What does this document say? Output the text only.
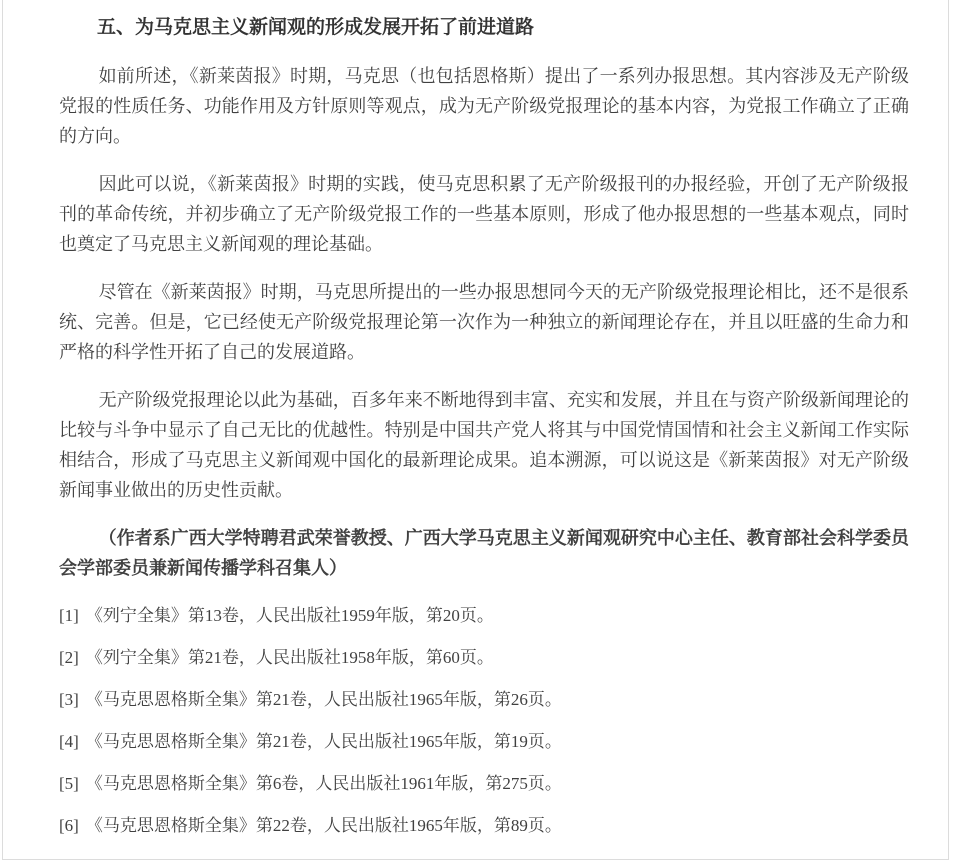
五、为马克思主义新闻观的形成发展开拓了前进道路

如前所述，《新莱茵报》时期，马克思（也包括恩格斯）提出了一系列办报思想。其内容涉及无产阶级党报的性质任务、功能作用及方针原则等观点，成为无产阶级党报理论的基本内容，为党报工作确立了正确的方向。

因此可以说，《新莱茵报》时期的实践，使马克思积累了无产阶级报刊的办报经验，开创了无产阶级报刊的革命传统，并初步确立了无产阶级党报工作的一些基本原则，形成了他办报思想的一些基本观点，同时也奠定了马克思主义新闻观的理论基础。

尽管在《新莱茵报》时期，马克思所提出的一些办报思想同今天的无产阶级党报理论相比，还不是很系统、完善。但是，它已经使无产阶级党报理论第一次作为一种独立的新闻理论存在，并且以旺盛的生命力和严格的科学性开拓了自己的发展道路。

无产阶级党报理论以此为基础，百多年来不断地得到丰富、充实和发展，并且在与资产阶级新闻理论的比较与斗争中显示了自己无比的优越性。特别是中国共产党人将其与中国党情国情和社会主义新闻工作实际相结合，形成了马克思主义新闻观中国化的最新理论成果。追本溯源，可以说这是《新莱茵报》对无产阶级新闻事业做出的历史性贡献。

（作者系广西大学特聘君武荣誉教授、广西大学马克思主义新闻观研究中心主任、教育部社会科学委员会学部委员兼新闻传播学科召集人）

[1] 《列宁全集》第13卷，人民出版社1959年版，第20页。

[2] 《列宁全集》第21卷，人民出版社1958年版，第60页。

[3] 《马克思恩格斯全集》第21卷，人民出版社1965年版，第26页。

[4] 《马克思恩格斯全集》第21卷，人民出版社1965年版，第19页。

[5] 《马克思恩格斯全集》第6卷，人民出版社1961年版，第275页。

[6] 《马克思恩格斯全集》第22卷，人民出版社1965年版，第89页。
